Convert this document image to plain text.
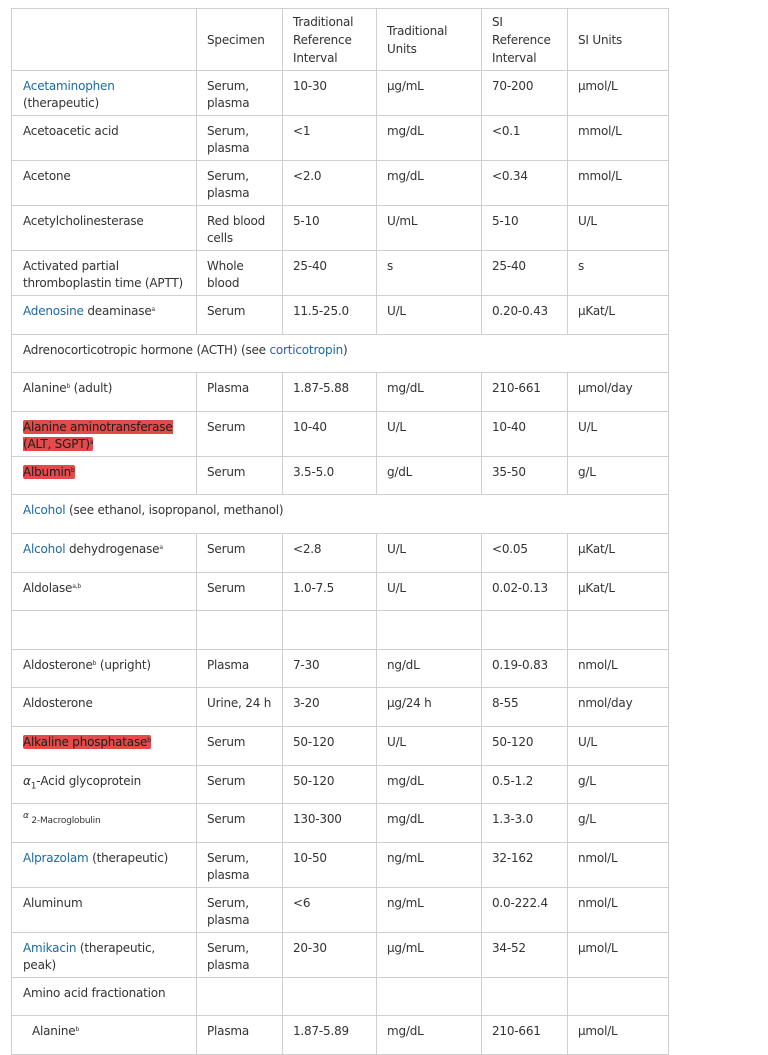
	Specimen	Traditional Reference Interval	Traditional Units	SI Reference Interval	SI Units
Acetaminophen (therapeutic)	Serum, plasma	10-30	μg/mL	70-200	μmol/L
Acetoacetic acid	Serum, plasma	<1	mg/dL	<0.1	mmol/L
Acetone	Serum, plasma	<2.0	mg/dL	<0.34	mmol/L
Acetylcholinesterase	Red blood cells	5-10	U/mL	5-10	U/L
Activated partial thromboplastin time (APTT)	Whole blood	25-40	s	25-40	s
Adenosine deaminase$^a$	Serum	11.5-25.0	U/L	0.20-0.43	μKat/L
Adrenocorticotropic hormone (ACTH) (see corticotropin)					
Alanine$^b$ (adult)	Plasma	1.87-5.88	mg/dL	210-661	μmol/day
Alanine aminotransferase (ALT, SGPT)$^a$	Serum	10-40	U/L	10-40	U/L
Albumin$^b$	Serum	3.5-5.0	g/dL	35-50	g/L
Alcohol (see ethanol, isopropanol, methanol)					
Alcohol dehydrogenase$^a$	Serum	<2.8	U/L	<0.05	μKat/L
Aldolase$^{a,b}$	Serum	1.0-7.5	U/L	0.02-0.13	μKat/L

Aldosterone$^b$ (upright)	Plasma	7-30	ng/dL	0.19-0.83	nmol/L
Aldosterone	Urine, 24 h	3-20	μg/24 h	8-55	nmol/day
Alkaline phosphatase$^b$	Serum	50-120	U/L	50-120	U/L
$\alpha_1$-Acid glycoprotein	Serum	50-120	mg/dL	0.5-1.2	g/L
$^\alpha$ 2-Macroglobulin	Serum	130-300	mg/dL	1.3-3.0	g/L
Alprazolam (therapeutic)	Serum, plasma	10-50	ng/mL	32-162	nmol/L
Aluminum	Serum, plasma	<6	ng/mL	0.0-222.4	nmol/L
Amikacin (therapeutic, peak)	Serum, plasma	20-30	μg/mL	34-52	μmol/L
Amino acid fractionation					
Alanine$^b$	Plasma	1.87-5.89	mg/dL	210-661	μmol/L
